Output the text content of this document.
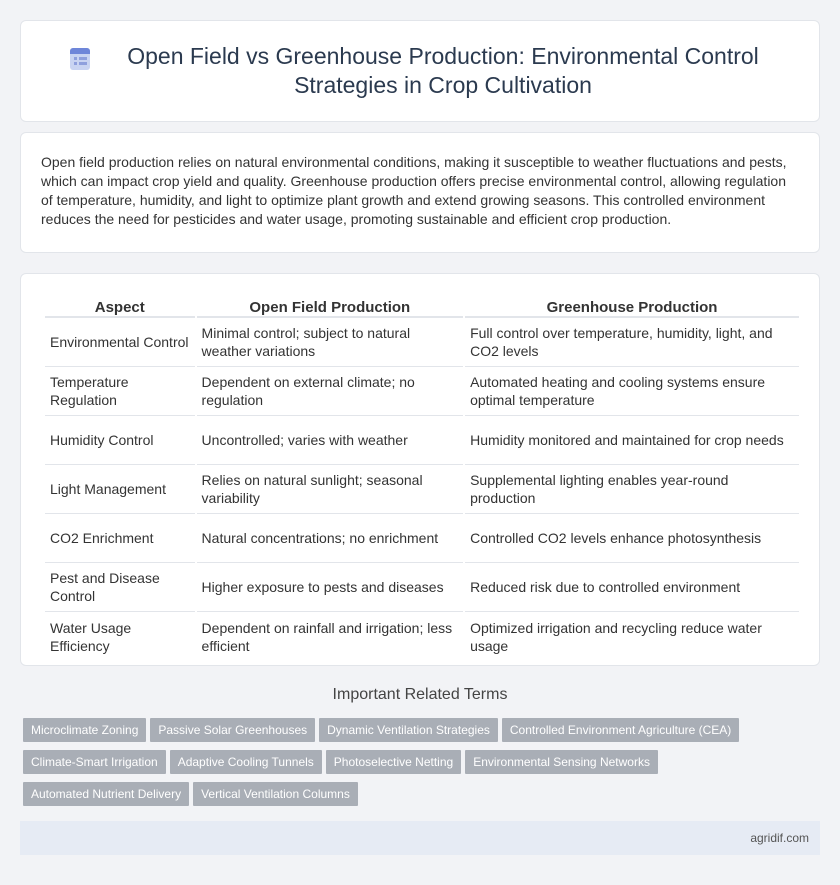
Open Field vs Greenhouse Production: Environmental Control Strategies in Crop Cultivation

Open field production relies on natural environmental conditions, making it susceptible to weather fluctuations and pests, which can impact crop yield and quality. Greenhouse production offers precise environmental control, allowing regulation of temperature, humidity, and light to optimize plant growth and extend growing seasons. This controlled environment reduces the need for pesticides and water usage, promoting sustainable and efficient crop production.

Aspect	Open Field Production	Greenhouse Production
Environmental Control	Minimal control; subject to natural weather variations	Full control over temperature, humidity, light, and CO2 levels
Temperature Regulation	Dependent on external climate; no regulation	Automated heating and cooling systems ensure optimal temperature
Humidity Control	Uncontrolled; varies with weather	Humidity monitored and maintained for crop needs
Light Management	Relies on natural sunlight; seasonal variability	Supplemental lighting enables year-round production
CO2 Enrichment	Natural concentrations; no enrichment	Controlled CO2 levels enhance photosynthesis
Pest and Disease Control	Higher exposure to pests and diseases	Reduced risk due to controlled environment
Water Usage Efficiency	Dependent on rainfall and irrigation; less efficient	Optimized irrigation and recycling reduce water usage
Important Related Terms
Microclimate Zoning	Passive Solar Greenhouses	Dynamic Ventilation Strategies	Controlled Environment Agriculture (CEA)
Climate-Smart Irrigation	Adaptive Cooling Tunnels	Photoselective Netting	Environmental Sensing Networks
Automated Nutrient Delivery	Vertical Ventilation Columns
agridif.com
